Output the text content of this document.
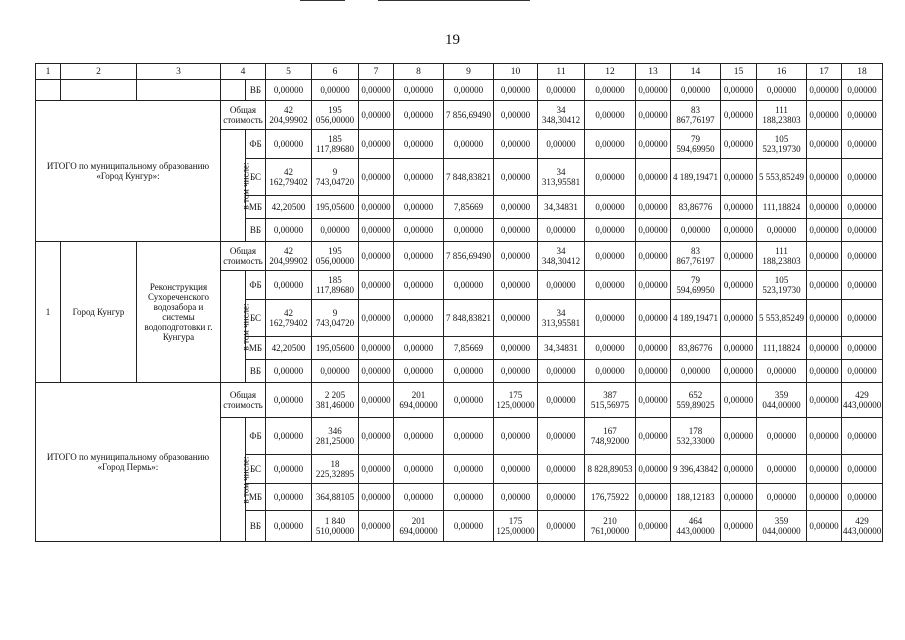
19
1	2	3	4		5	6	7	8	9	10	11	12	13	14	15	16	17	18
				ВБ	0,00000	0,00000	0,00000	0,00000	0,00000	0,00000	0,00000	0,00000	0,00000	0,00000	0,00000	0,00000	0,00000	0,00000
ИТОГО по муниципальному образованию «Город Кунгур»:			Общая стоимость		42 204,99902	195 056,00000	0,00000	0,00000	7 856,69490	0,00000	34 348,30412	0,00000	0,00000	83 867,76197	0,00000	111 188,23803	0,00000	0,00000
			в том числе:	ФБ	0,00000	185 117,89680	0,00000	0,00000	0,00000	0,00000	0,00000	0,00000	0,00000	79 594,69950	0,00000	105 523,19730	0,00000	0,00000
				БС	42 162,79402	9 743,04720	0,00000	0,00000	7 848,83821	0,00000	34 313,95581	0,00000	0,00000	4 189,19471	0,00000	5 553,85249	0,00000	0,00000
				МБ	42,20500	195,05600	0,00000	0,00000	7,85669	0,00000	34,34831	0,00000	0,00000	83,86776	0,00000	111,18824	0,00000	0,00000
				ВБ	0,00000	0,00000	0,00000	0,00000	0,00000	0,00000	0,00000	0,00000	0,00000	0,00000	0,00000	0,00000	0,00000	0,00000
1	Город Кунгур	Реконструкция Сухореченского водозабора и системы водоподготовки г. Кунгура	Общая стоимость		42 204,99902	195 056,00000	0,00000	0,00000	7 856,69490	0,00000	34 348,30412	0,00000	0,00000	83 867,76197	0,00000	111 188,23803	0,00000	0,00000
			в том числе:	ФБ	0,00000	185 117,89680	0,00000	0,00000	0,00000	0,00000	0,00000	0,00000	0,00000	79 594,69950	0,00000	105 523,19730	0,00000	0,00000
				БС	42 162,79402	9 743,04720	0,00000	0,00000	7 848,83821	0,00000	34 313,95581	0,00000	0,00000	4 189,19471	0,00000	5 553,85249	0,00000	0,00000
				МБ	42,20500	195,05600	0,00000	0,00000	7,85669	0,00000	34,34831	0,00000	0,00000	83,86776	0,00000	111,18824	0,00000	0,00000
				ВБ	0,00000	0,00000	0,00000	0,00000	0,00000	0,00000	0,00000	0,00000	0,00000	0,00000	0,00000	0,00000	0,00000	0,00000
ИТОГО по муниципальному образованию «Город Пермь»:			Общая стоимость		0,00000	2 205 381,46000	0,00000	201 694,00000	0,00000	175 125,00000	0,00000	387 515,56975	0,00000	652 559,89025	0,00000	359 044,00000	0,00000	429 443,00000
			в том числе:	ФБ	0,00000	346 281,25000	0,00000	0,00000	0,00000	0,00000	0,00000	167 748,92000	0,00000	178 532,33000	0,00000	0,00000	0,00000	0,00000
				БС	0,00000	18 225,32895	0,00000	0,00000	0,00000	0,00000	0,00000	8 828,89053	0,00000	9 396,43842	0,00000	0,00000	0,00000	0,00000
				МБ	0,00000	364,88105	0,00000	0,00000	0,00000	0,00000	0,00000	176,75922	0,00000	188,12183	0,00000	0,00000	0,00000	0,00000
				ВБ	0,00000	1 840 510,00000	0,00000	201 694,00000	0,00000	175 125,00000	0,00000	210 761,00000	0,00000	464 443,00000	0,00000	359 044,00000	0,00000	429 443,00000
